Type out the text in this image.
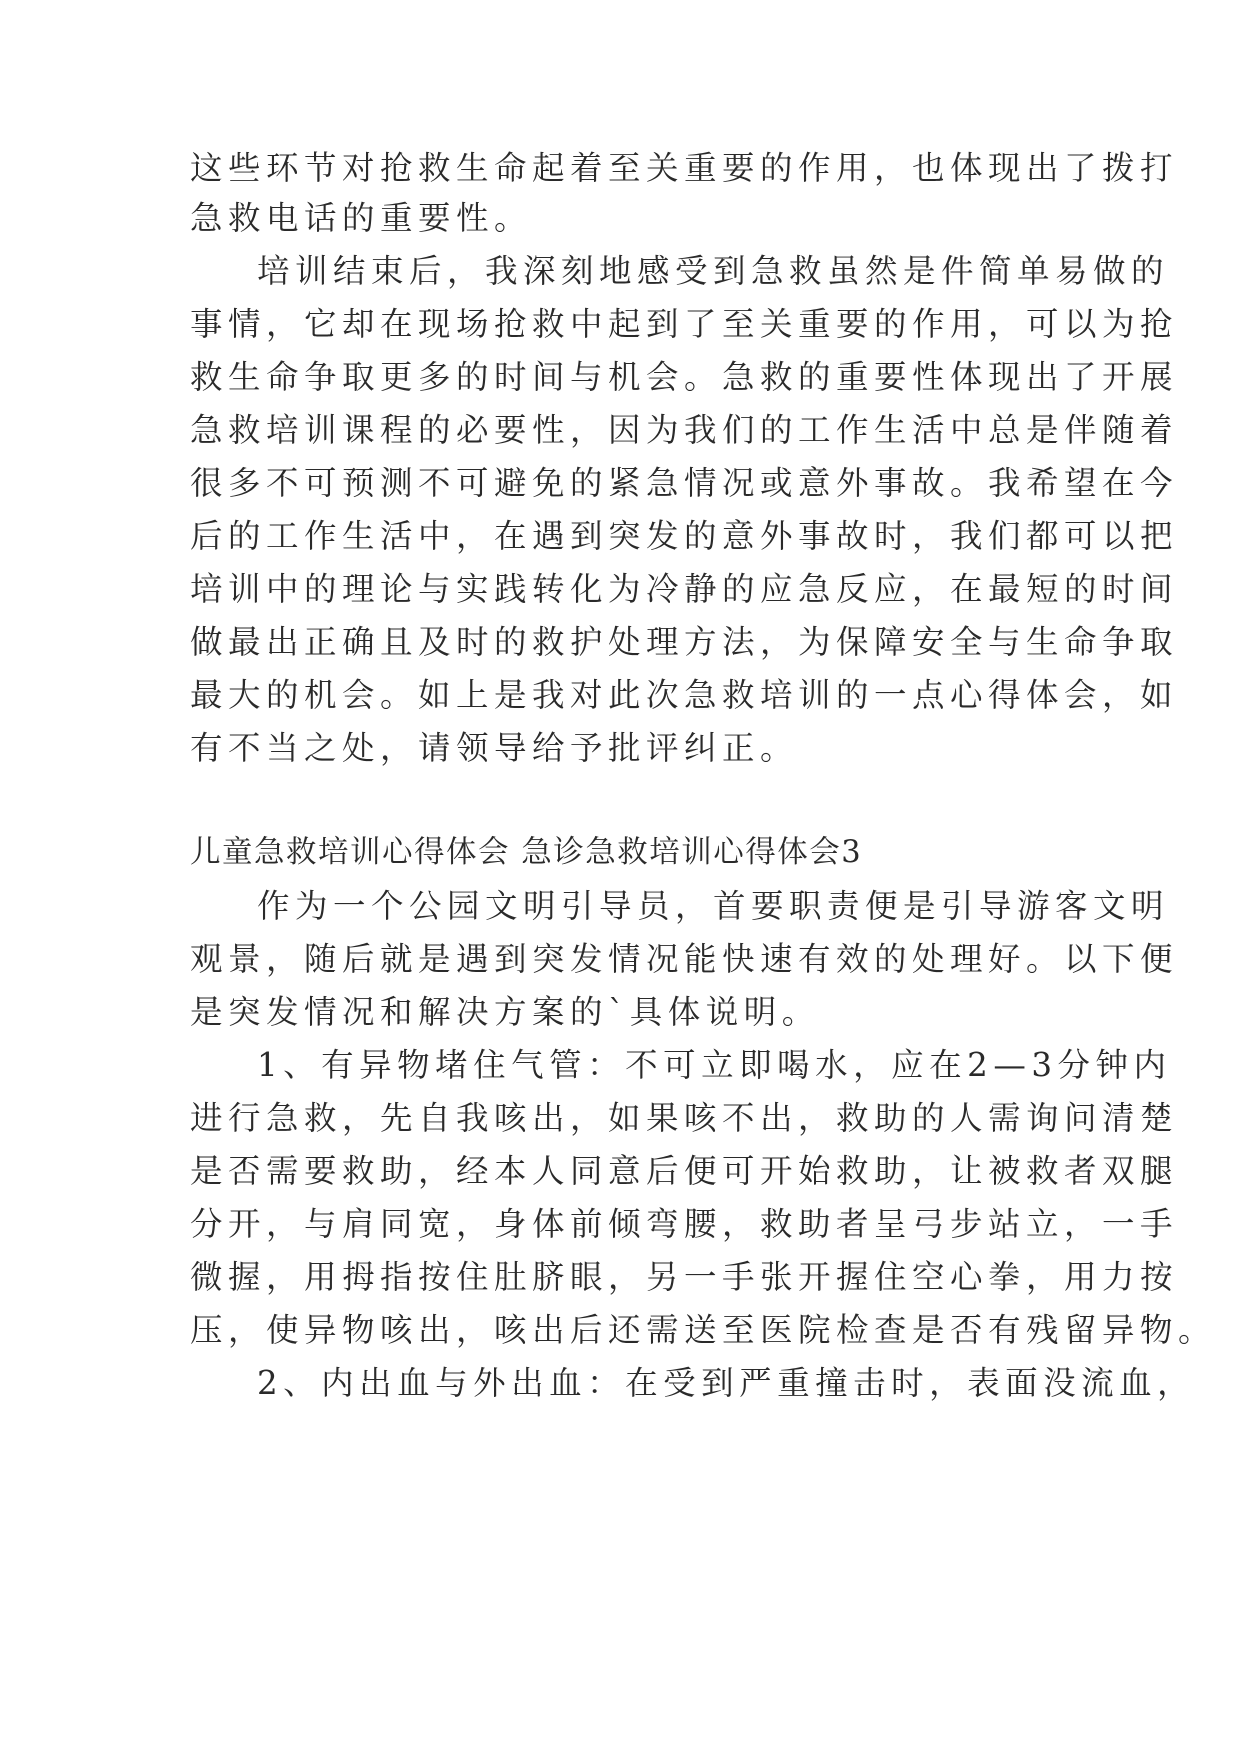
这些环节对抢救生命起着至关重要的作用，也体现出了拨打
急救电话的重要性。
培训结束后，我深刻地感受到急救虽然是件简单易做的
事情，它却在现场抢救中起到了至关重要的作用，可以为抢
救生命争取更多的时间与机会。急救的重要性体现出了开展
急救培训课程的必要性，因为我们的工作生活中总是伴随着
很多不可预测不可避免的紧急情况或意外事故。我希望在今
后的工作生活中，在遇到突发的意外事故时，我们都可以把
培训中的理论与实践转化为冷静的应急反应，在最短的时间
做最出正确且及时的救护处理方法，为保障安全与生命争取
最大的机会。如上是我对此次急救培训的一点心得体会，如
有不当之处，请领导给予批评纠正。
儿童急救培训心得体会 急诊急救培训心得体会3
作为一个公园文明引导员，首要职责便是引导游客文明
观景，随后就是遇到突发情况能快速有效的处理好。以下便
是突发情况和解决方案的`具体说明。
1、有异物堵住气管：不可立即喝水，应在2—3分钟内
进行急救，先自我咳出，如果咳不出，救助的人需询问清楚
是否需要救助，经本人同意后便可开始救助，让被救者双腿
分开，与肩同宽，身体前倾弯腰，救助者呈弓步站立，一手
微握，用拇指按住肚脐眼，另一手张开握住空心拳，用力按
压，使异物咳出，咳出后还需送至医院检查是否有残留异物。
2、内出血与外出血：在受到严重撞击时，表面没流血，
